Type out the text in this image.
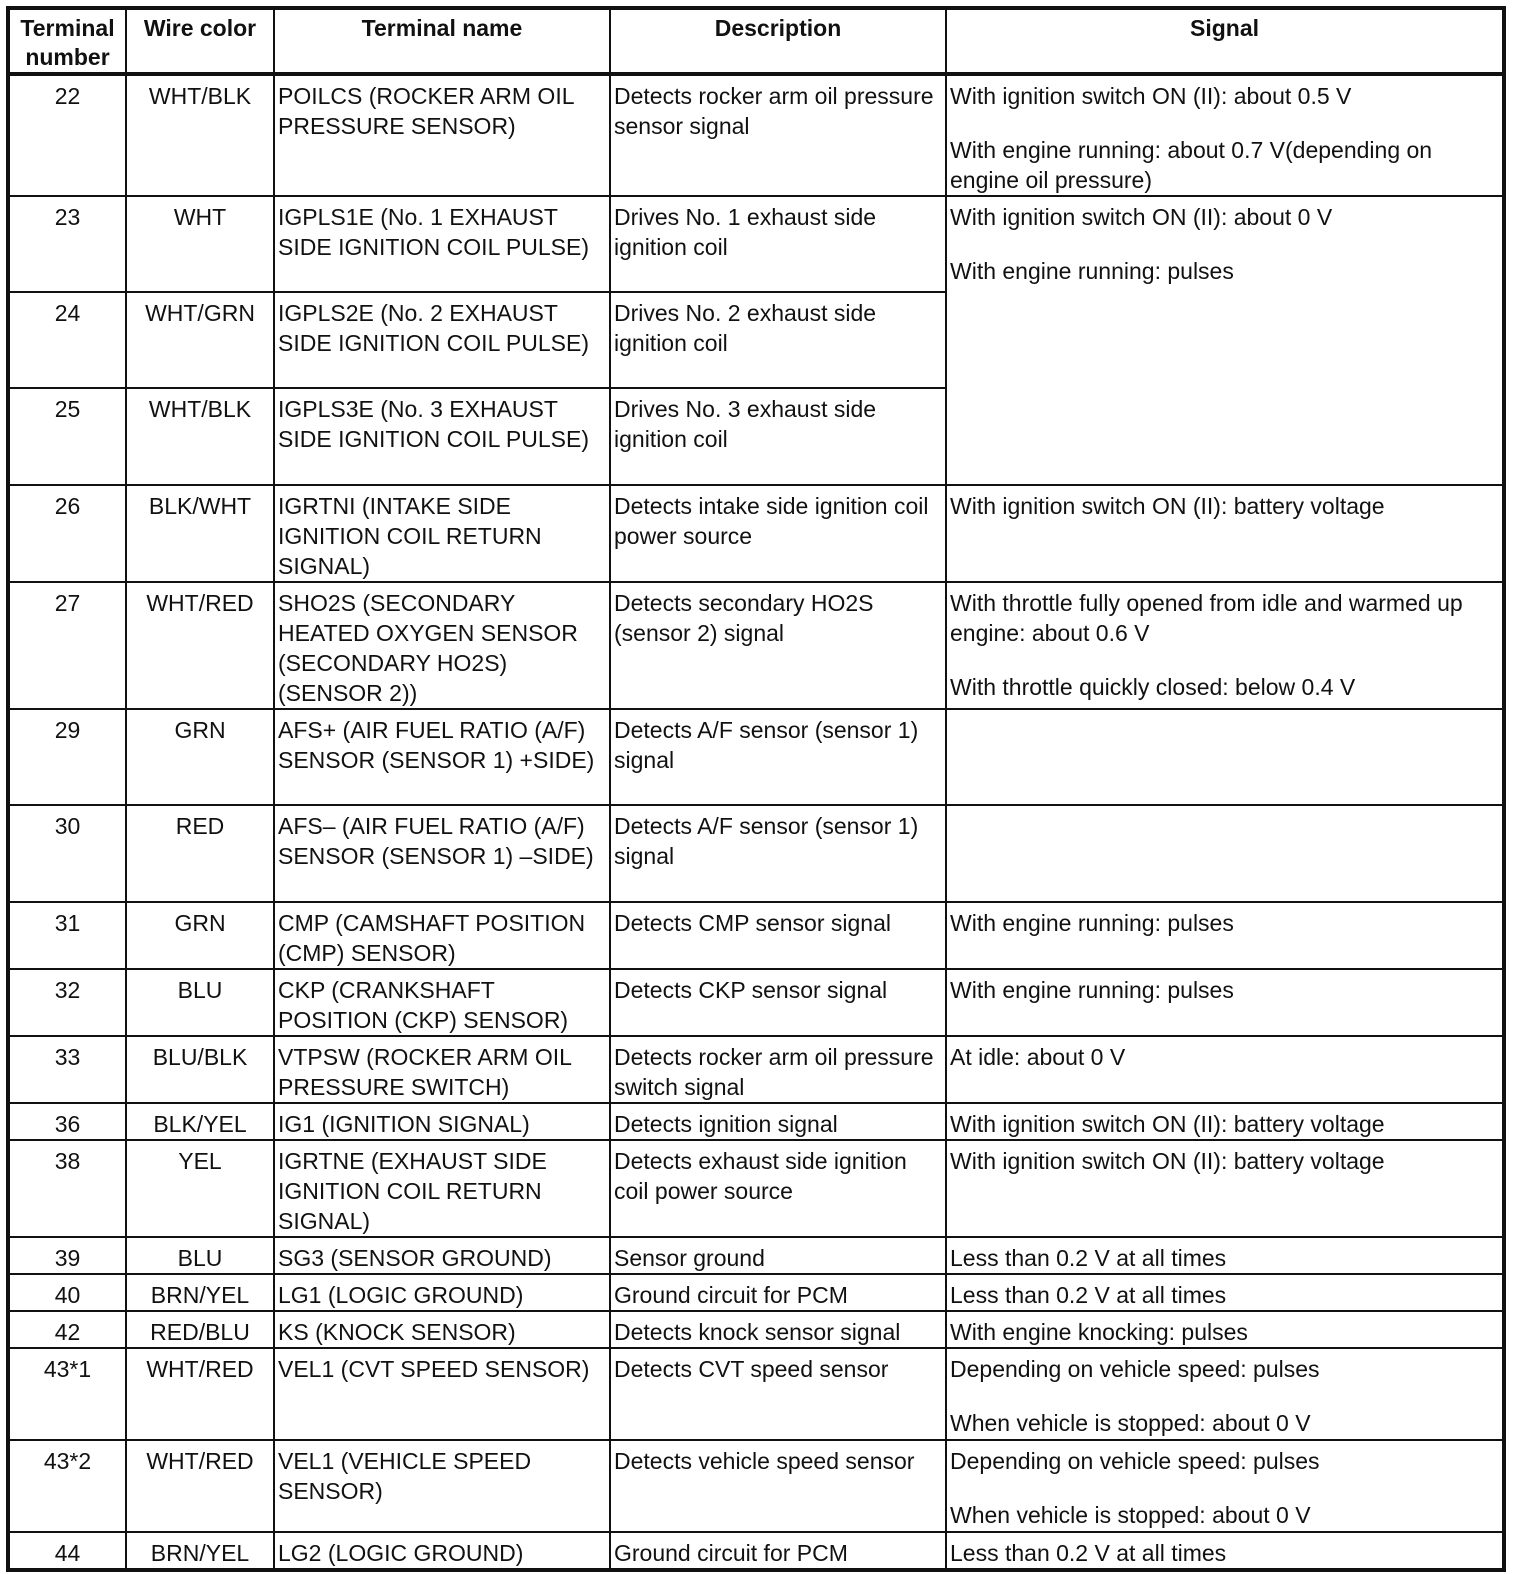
Terminal number	Wire color	Terminal name	Description	Signal
22	WHT/BLK	POILCS (ROCKER ARM OIL PRESSURE SENSOR)	Detects rocker arm oil pressure sensor signal	With ignition switch ON (II): about 0.5 V

With engine running: about 0.7 V(depending on engine oil pressure)

23	WHT	IGPLS1E (No. 1 EXHAUST SIDE IGNITION COIL PULSE)	Drives No. 1 exhaust side ignition coil	With ignition switch ON (II): about 0 V

With engine running: pulses

24	WHT/GRN	IGPLS2E (No. 2 EXHAUST SIDE IGNITION COIL PULSE)	Drives No. 2 exhaust side ignition coil	
25	WHT/BLK	IGPLS3E (No. 3 EXHAUST SIDE IGNITION COIL PULSE)	Drives No. 3 exhaust side ignition coil	
26	BLK/WHT	IGRTNI (INTAKE SIDE IGNITION COIL RETURN SIGNAL)	Detects intake side ignition coil power source	With ignition switch ON (II): battery voltage

27	WHT/RED	SHO2S (SECONDARY HEATED OXYGEN SENSOR (SECONDARY HO2S) (SENSOR 2))	Detects secondary HO2S (sensor 2) signal	With throttle fully opened from idle and warmed up engine: about 0.6 V

With throttle quickly closed: below 0.4 V

29	GRN	AFS+ (AIR FUEL RATIO (A/F) SENSOR (SENSOR 1) +SIDE)	Detects A/F sensor (sensor 1) signal	
30	RED	AFS– (AIR FUEL RATIO (A/F) SENSOR (SENSOR 1) –SIDE)	Detects A/F sensor (sensor 1) signal	
31	GRN	CMP (CAMSHAFT POSITION (CMP) SENSOR)	Detects CMP sensor signal	With engine running: pulses

32	BLU	CKP (CRANKSHAFT POSITION (CKP) SENSOR)	Detects CKP sensor signal	With engine running: pulses

33	BLU/BLK	VTPSW (ROCKER ARM OIL PRESSURE SWITCH)	Detects rocker arm oil pressure switch signal	At idle: about 0 V

36	BLK/YEL	IG1 (IGNITION SIGNAL)	Detects ignition signal	With ignition switch ON (II): battery voltage

38	YEL	IGRTNE (EXHAUST SIDE IGNITION COIL RETURN SIGNAL)	Detects exhaust side ignition coil power source	With ignition switch ON (II): battery voltage

39	BLU	SG3 (SENSOR GROUND)	Sensor ground	Less than 0.2 V at all times

40	BRN/YEL	LG1 (LOGIC GROUND)	Ground circuit for PCM	Less than 0.2 V at all times

42	RED/BLU	KS (KNOCK SENSOR)	Detects knock sensor signal	With engine knocking: pulses

43*1	WHT/RED	VEL1 (CVT SPEED SENSOR)	Detects CVT speed sensor	Depending on vehicle speed: pulses

When vehicle is stopped: about 0 V

43*2	WHT/RED	VEL1 (VEHICLE SPEED SENSOR)	Detects vehicle speed sensor	Depending on vehicle speed: pulses

When vehicle is stopped: about 0 V

44	BRN/YEL	LG2 (LOGIC GROUND)	Ground circuit for PCM	Less than 0.2 V at all times
